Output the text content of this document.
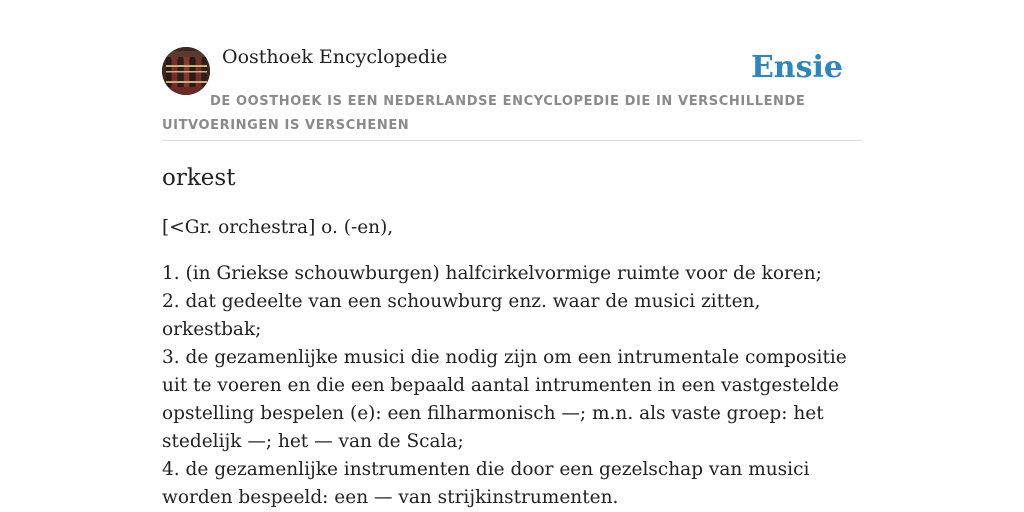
Oosthoek Encyclopedie	Ensie
DE OOSTHOEK IS EEN NEDERLANDSE ENCYCLOPEDIE DIE IN VERSCHILLENDE UITVOERINGEN IS VERSCHENEN
orkest

[<Gr. orchestra] o. (-en),

1. (in Griekse schouwburgen) halfcirkelvormige ruimte voor de koren;
2. dat gedeelte van een schouwburg enz. waar de musici zitten, orkestbak;
3. de gezamenlijke musici die nodig zijn om een intrumentale compositie uit te voeren en die een bepaald aantal intrumenten in een vastgestelde opstelling bespelen (e): een filharmonisch —; m.n. als vaste groep: het stedelijk —; het — van de Scala;
4. de gezamenlijke instrumenten die door een gezelschap van musici worden bespeeld: een — van strijkinstrumenten.
